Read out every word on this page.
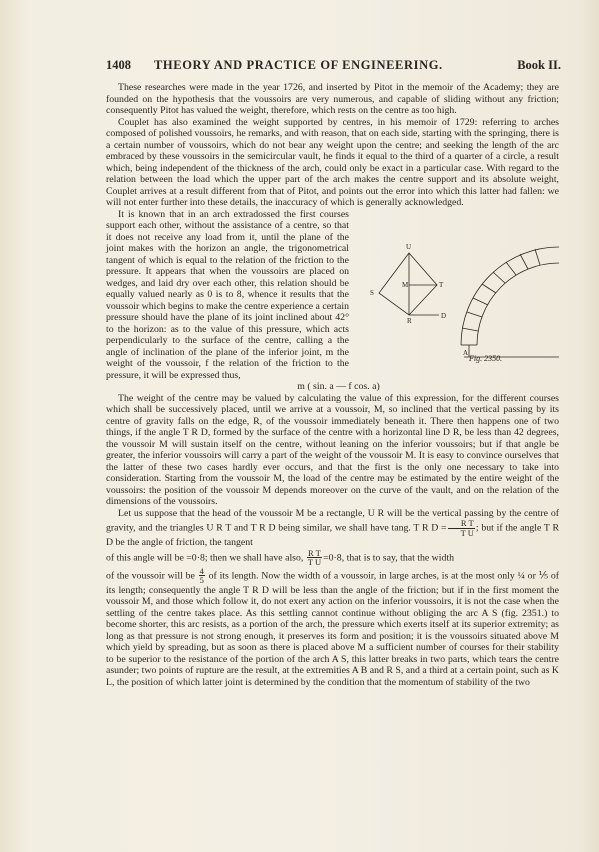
1408 THEORY AND PRACTICE OF ENGINEERING.	Book II.

These researches were made in the year 1726, and inserted by Pitot in the memoir of the Academy; they are founded on the hypothesis that the voussoirs are very numerous, and capable of sliding without any friction; consequently Pitot has valued the weight, therefore, which rests on the centre as too high.

Couplet has also examined the weight supported by centres, in his memoir of 1729: referring to arches composed of polished voussoirs, he remarks, and with reason, that on each side, starting with the springing, there is a certain number of voussoirs, which do not bear any weight upon the centre; and seeking the length of the arc embraced by these voussoirs in the semicircular vault, he finds it equal to the third of a quarter of a circle, a result which, being independent of the thickness of the arch, could only be exact in a particular case. With regard to the relation between the load which the upper part of the arch makes the centre support and its absolute weight, Couplet arrives at a result different from that of Pitot, and points out the error into which this latter had fallen: we will not enter further into these details, the inaccuracy of which is generally acknowledged.

U
S
M	T
R
D
A
Fig. 2350.

It is known that in an arch extradossed the first courses support each other, without the assistance of a centre, so that it does not receive any load from it, until the plane of the joint makes with the horizon an angle, the trigonometrical tangent of which is equal to the relation of the friction to the pressure. It appears that when the voussoirs are placed on wedges, and laid dry over each other, this relation should be equally valued nearly as 0 is to 8, whence it results that the voussoir which begins to make the centre experience a certain pressure should have the plane of its joint inclined about 42° to the horizon: as to the value of this pressure, which acts perpendicularly to the surface of the centre, calling a the angle of inclination of the plane of the inferior joint, m the weight of the voussoir, f the relation of the friction to the pressure, it will be expressed thus,

m ( sin. a — f cos. a)

The weight of the centre may be valued by calculating the value of this expression, for the different courses which shall be successively placed, until we arrive at a voussoir, M, so inclined that the vertical passing by its centre of gravity falls on the edge, R, of the voussoir immediately beneath it. There then happens one of two things, if the angle T R D, formed by the surface of the centre with a horizontal line D R, be less than 42 degrees, the voussoir M will sustain itself on the centre, without leaning on the inferior voussoirs; but if that angle be greater, the inferior voussoirs will carry a part of the weight of the voussoir M. It is easy to convince ourselves that the latter of these two cases hardly ever occurs, and that the first is the only one necessary to take into consideration. Starting from the voussoir M, the load of the centre may be estimated by the entire weight of the voussoirs: the position of the voussoir M depends moreover on the curve of the vault, and on the relation of the dimensions of the voussoirs.

Let us suppose that the head of the voussoir M be a rectangle, U R will be the vertical passing by the centre of gravity, and the triangles U R T and T R D being similar, we shall have tang. T R $D = \frac{\text{R T}}{\text{T U}}$ ; but if the angle T R D be the angle of friction, the tangent

of this angle will be =0·8; then we shall have also, $\frac{\text{R T}}{\text{T U}} =0\cdot 8$, that is to say, that the width

of the voussoir will be $\frac{4}{5}$ of its length. Now the width of a voussoir, in large arches, is at the most only ¼ or ⅕ of its length; consequently the angle T R D will be less than the angle of the friction; but if in the first moment the voussoir M, and those which follow it, do not exert any action on the inferior voussoirs, it is not the case when the settling of the centre takes place. As this settling cannot continue without obliging the arc A S (fig. 2351.) to become shorter, this arc resists, as a portion of the arch, the pressure which exerts itself at its superior extremity; as long as that pressure is not strong enough, it preserves its form and position; it is the voussoirs situated above M which yield by spreading, but as soon as there is placed above M a sufficient number of courses for their stability to be superior to the resistance of the portion of the arch A S, this latter breaks in two parts, which tears the centre asunder; two points of rupture are the result, at the extremities A B and R S, and a third at a certain point, such as K L, the position of which latter joint is determined by the condition that the momentum of stability of the two
